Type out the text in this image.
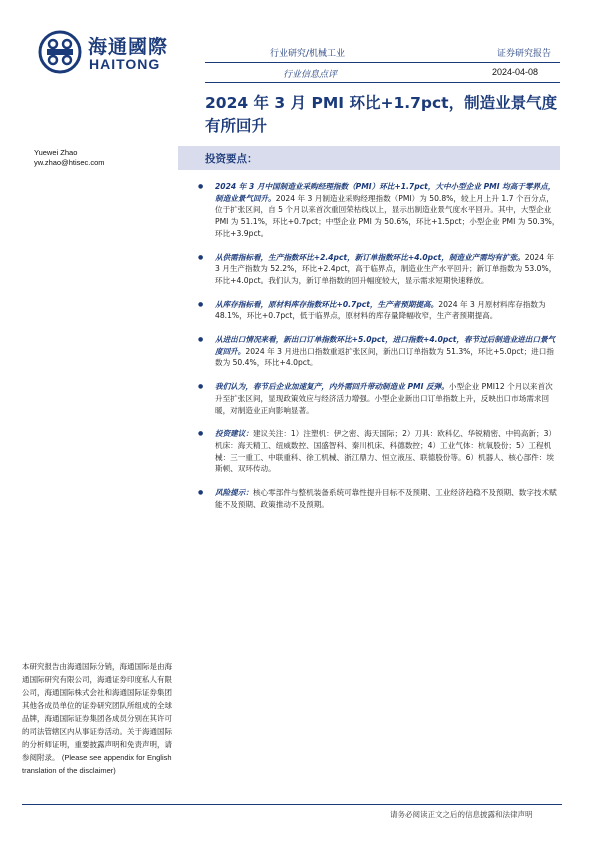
海通國際
HAITONG
行业研究/机械工业	证券研究报告
行业信息点评	2024-04-08
2024 年 3 月 PMI 环比+1.7pct，制造业景气度有所回升
Yuewei Zhao
yw.zhao@htisec.com	投资要点：
● 2024 年 3 月中国制造业采购经理指数（PMI）环比+1.7pct，大中小型企业 PMI 均高于零界点，制造业景气回升。2024 年 3 月制造业采购经理指数（PMI）为 50.8%，较上月上升 1.7 个百分点，位于扩张区间，自 5 个月以来首次重回荣枯线以上，显示出制造业景气度水平回升。其中，大型企业 PMI 为 51.1%，环比+0.7pct；中型企业 PMI 为 50.6%，环比+1.5pct；小型企业 PMI 为 50.3%，环比+3.9pct。
● 从供需指标看，生产指数环比+2.4pct，新订单指数环比+4.0pct，制造业产需均有扩张。2024 年 3 月生产指数为 52.2%，环比+2.4pct，高于临界点，制造业生产水平回升；新订单指数为 53.0%，环比+4.0pct。我们认为，新订单指数的回升幅度较大，显示需求短期快速释放。
● 从库存指标看，原材料库存指数环比+0.7pct，生产者预期提高。2024 年 3 月原材料库存指数为 48.1%，环比+0.7pct，低于临界点，原材料的库存量降幅收窄，生产者预期提高。
● 从进出口情况来看，新出口订单指数环比+5.0pct，进口指数+4.0pct，春节过后制造业进出口景气度回升。2024 年 3 月进出口指数重返扩张区间，新出口订单指数为 51.3%，环比+5.0pct；进口指数为 50.4%，环比+4.0pct。
● 我们认为，春节后企业加速复产，内外需回升带动制造业 PMI 反弹。小型企业 PMI12 个月以来首次升至扩张区间，显现政策效应与经济活力增强。小型企业新出口订单指数上升，反映出口市场需求回暖，对制造业正向影响显著。
● 投资建议：建议关注：1）注塑机：伊之密、海天国际；2）刀具：欧科亿、华锐精密、中钨高新；3）机床：海天精工、纽威数控、国盛智科、秦川机床、科德数控；4）工业气体：杭氧股份；5）工程机械：三一重工、中联重科、徐工机械、浙江鼎力、恒立液压、联德股份等。6）机器人、核心部件：埃斯顿、双环传动。
● 风险提示：核心零部件与整机装备系统可靠性提升目标不及预期、工业经济趋稳不及预期、数字技术赋能不及预期、政策推动不及预期。
本研究报告由海通国际分销，海通国际是由海通国际研究有限公司，海通证券印度私人有限公司，海通国际株式会社和海通国际证券集团其他各成员单位的证券研究团队所组成的全球品牌，海通国际证券集团各成员分别在其许可的司法管辖区内从事证券活动。关于海通国际的分析师证明，重要披露声明和免责声明，请参阅附录。 (Please see appendix for English translation of the disclaimer)
请务必阅读正文之后的信息披露和法律声明
